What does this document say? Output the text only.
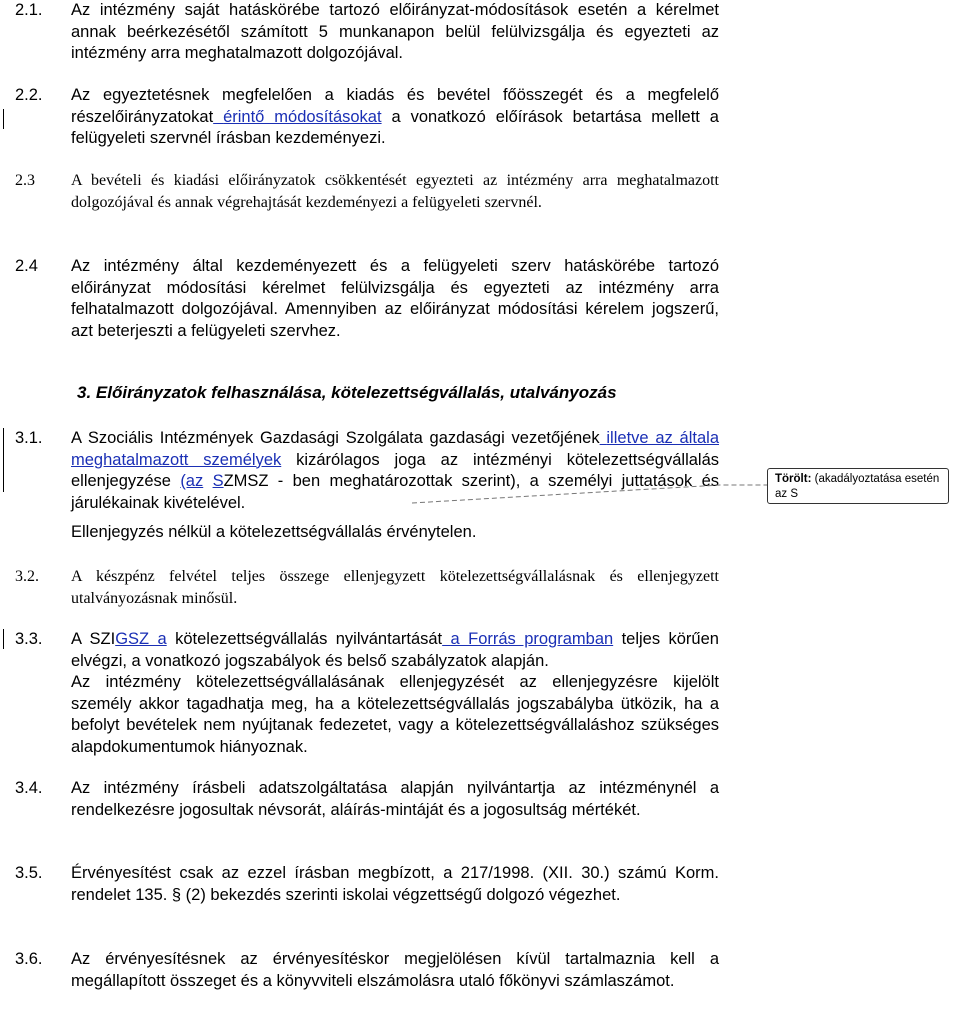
2.1. Az intézmény saját hatáskörébe tartozó előirányzat-módosítások esetén a kérelmet annak beérkezésétől számított 5 munkanapon belül felülvizsgálja és egyezteti az intézmény arra meghatalmazott dolgozójával.
2.2. Az egyeztetésnek megfelelően a kiadás és bevétel főösszegét és a megfelelő részelőirányzatokat érintő módosításokat a vonatkozó előírások betartása mellett a felügyeleti szervnél írásban kezdeményezi.
2.3 A bevételi és kiadási előirányzatok csökkentését egyezteti az intézmény arra meghatalmazott dolgozójával és annak végrehajtását kezdeményezi a felügyeleti szervnél.
2.4 Az intézmény által kezdeményezett és a felügyeleti szerv hatáskörébe tartozó előirányzat módosítási kérelmet felülvizsgálja és egyezteti az intézmény arra felhatalmazott dolgozójával. Amennyiben az előirányzat módosítási kérelem jogszerű, azt beterjeszti a felügyeleti szervhez.
3. Előirányzatok felhasználása, kötelezettségvállalás, utalványozás
3.1. A Szociális Intézmények Gazdasági Szolgálata gazdasági vezetőjének illetve az általa meghatalmazott személyek kizárólagos joga az intézményi kötelezettségvállalás ellenjegyzése (az SZMSZ - ben meghatározottak szerint), a személyi juttatások és járulékainak kivételével.
Ellenjegyzés nélkül a kötelezettségvállalás érvénytelen.
3.2. A készpénz felvétel teljes összege ellenjegyzett kötelezettségvállalásnak és ellenjegyzett utalványozásnak minősül.
3.3. A SZIGSZ a kötelezettségvállalás nyilvántartását a Forrás programban teljes körűen elvégzi, a vonatkozó jogszabályok és belső szabályzatok alapján.
Az intézmény kötelezettségvállalásának ellenjegyzését az ellenjegyzésre kijelölt személy akkor tagadhatja meg, ha a kötelezettségvállalás jogszabályba ütközik, ha a befolyt bevételek nem nyújtanak fedezetet, vagy a kötelezettségvállaláshoz szükséges alapdokumentumok hiányoznak.
3.4. Az intézmény írásbeli adatszolgáltatása alapján nyilvántartja az intézménynél a rendelkezésre jogosultak névsorát, aláírás-mintáját és a jogosultság mértékét.
3.5. Érvényesítést csak az ezzel írásban megbízott, a 217/1998. (XII. 30.) számú Korm. rendelet 135. § (2) bekezdés szerinti iskolai végzettségű dolgozó végezhet.
3.6. Az érvényesítésnek az érvényesítéskor megjelölésen kívül tartalmaznia kell a megállapított összeget és a könyvviteli elszámolásra utaló főkönyvi számlaszámot.
Törölt: (akadályoztatása esetén az S
